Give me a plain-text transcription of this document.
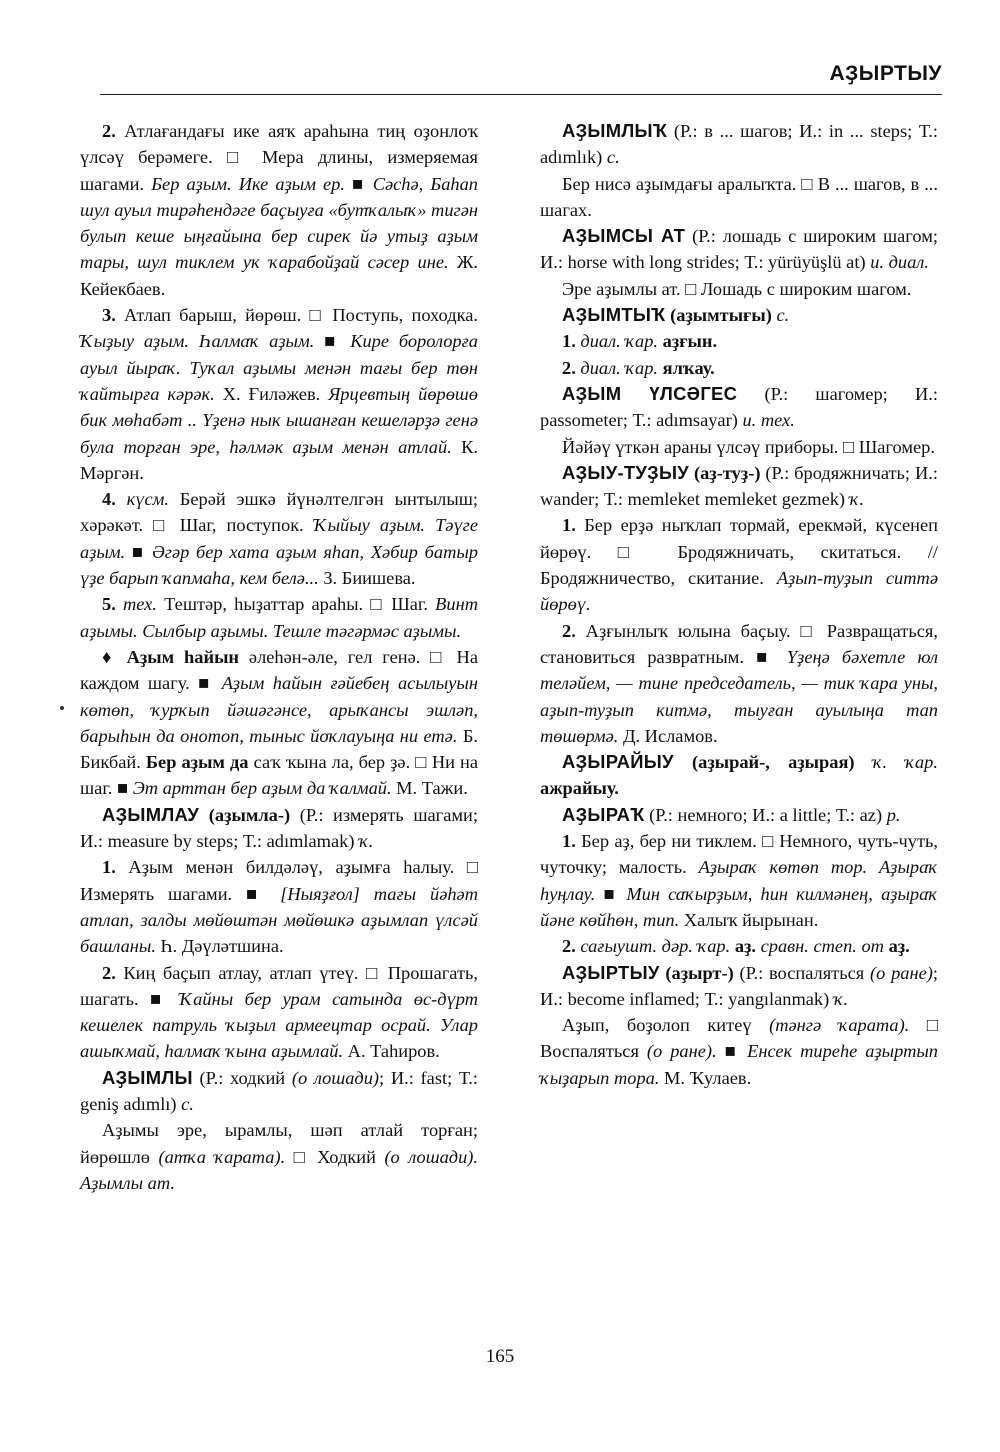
АҘЫРТЫУ

2. Атлағандағы ике аяҡ араһына тиң оҙонлоҡ үлсәү берәмеге. □ Мера длины, измеряемая шагами. Бер аҙым. Ике аҙым ер. ■ Сәсһә, Баһап шул ауыл тирәһендәге баҫыуға «бутҡалыҡ» тигән булып кеше ыңғайына бер сирек йә утыҙ аҙым тары, шул тиклем уҡ ҡарабойҙай сәсер ине. Ж. Кейекбаев.

3. Атлап барыш, йөрөш. □ Поступь, походка. Ҡыҙыу аҙым. Һалмаҡ аҙым. ■ Кире боролорға ауыл йыраҡ. Туҡал аҙымы менән тағы бер төн ҡайтырға кәрәк. Х. Ғиләжев. Ярцевтың йөрөшө бик мөһабәт .. Үҙенә нык ышанған кешеләрҙә генә була торған эре, һәлмәк аҙым менән атлай. К. Мәргән.

4. күсм. Берәй эшкә йүнәлтелгән ынтылыш; хәрәкәт. □ Шаг, поступок. Ҡыйыу аҙым. Тәүге аҙым. ■ Әгәр бер хата аҙым яһап, Хәбир батыр үҙе барып ҡапмаһа, кем белә... З. Биишева.

5. тех. Тештәр, һыҙаттар араһы. □ Шаг. Винт аҙымы. Сылбыр аҙымы. Тешле тәгәрмәс аҙымы.

♦ Аҙым һайын әлеһән-әле, гел генә. □ На каждом шагу. ■ Аҙым һайын ғәйебең асылыуын көтөп, ҡурҡып йәшәгәнсе, арыҡансы эшләп, барыһын да онотоп, тыныс йоҡлауыңа ни етә. Б. Бикбай. Бер аҙым да саҡ ҡына ла, бер ҙә. □ Ни на шаг. ■ Эт арттан бер аҙым да ҡалмай. М. Тажи.

АҘЫМЛАУ (аҙымла-) (Р.: измерять шагами; И.: measure by steps; Т.: adımlamak) ҡ.

1. Аҙым менән билдәләү, аҙымға һалыу. □ Измерять шагами. ■ [Ныяҙғол] тағы йәһәт атлап, залды мөйөштән мөйөшкә аҙымлап үлсәй башланы. Һ. Дәүләтшина.

2. Киң баҫып атлау, атлап үтеү. □ Прошагать, шагать. ■ Ҡайны бер урам сатында өс-дүрт кешелек патруль ҡыҙыл армеецтар осрай. Улар ашыҡмай, һалмаҡ ҡына аҙымлай. А. Таһиров.

АҘЫМЛЫ (Р.: ходкий (о лошади); И.: fast; Т.: geniş adımlı) с.

Аҙымы эре, ырамлы, шәп атлай торған; йөрөшлө (атҡа ҡарата). □ Ходкий (о лошади). Аҙымлы ат.

АҘЫМЛЫҠ (Р.: в ... шагов; И.: in ... steps; Т.: adımlık) с.

Бер нисә аҙымдағы аралыҡта. □ В ... шагов, в ... шагах.

АҘЫМСЫ АТ (Р.: лошадь с широким шагом; И.: horse with long strides; Т.: yürüyüşlü at) и. диал.

Эре аҙымлы ат. □ Лошадь с широким шагом.

АҘЫМТЫҠ (аҙымтығы) с.

1. диал. ҡар. аҙғын.

2. диал. ҡар. ялҡау.

АҘЫМ ҮЛСӘГЕС (Р.: шагомер; И.: passometer; Т.: adımsayar) и. тех.

Йәйәү үткән араны үлсәү приборы. □ Шагомер.

АҘЫУ-ТУҘЫУ (аҙ-туҙ-) (Р.: бродяжничать; И.: wander; Т.: memleket memleket gezmek) ҡ.

1. Бер ерҙә ныҡлап тормай, ерекмәй, күсенеп йөрөү. □ Бродяжничать, скитаться. // Бродяжничество, скитание. Аҙып-туҙып ситтә йөрөү.

2. Аҙғынлыҡ юлына баҫыу. □ Развращаться, становиться развратным. ■ Үҙеңә бәхетле юл теләйем, — тине председатель, — тик ҡара уны, аҙып-туҙып китмә, тыуған ауылыңа тап төшөрмә. Д. Исламов.

АҘЫРАЙЫУ (аҙырай-, аҙырая) ҡ. ҡар. ажрайыу.

АҘЫРАҠ (Р.: немного; И.: a little; Т.: az) р.

1. Бер аҙ, бер ни тиклем. □ Немного, чуть-чуть, чуточку; малость. Аҙыраҡ көтөп тор. Аҙыраҡ һуңлау. ■ Мин саҡырҙым, һин килмәнең, аҙыраҡ йәне көйһөн, тип. Халыҡ йырынан.

2. сағыушт. дәр. ҡар. аҙ. сравн. степ. от аҙ.

АҘЫРТЫУ (аҙырт-) (Р.: воспаляться (о ране); И.: become inflamed; Т.: yangılanmak) ҡ.

Аҙып, боҙолоп китеү (тәнгә ҡарата). □ Воспаляться (о ране). ■ Енсек тиреһе аҙыртып ҡыҙарып тора. М. Ҡулаев.

165
